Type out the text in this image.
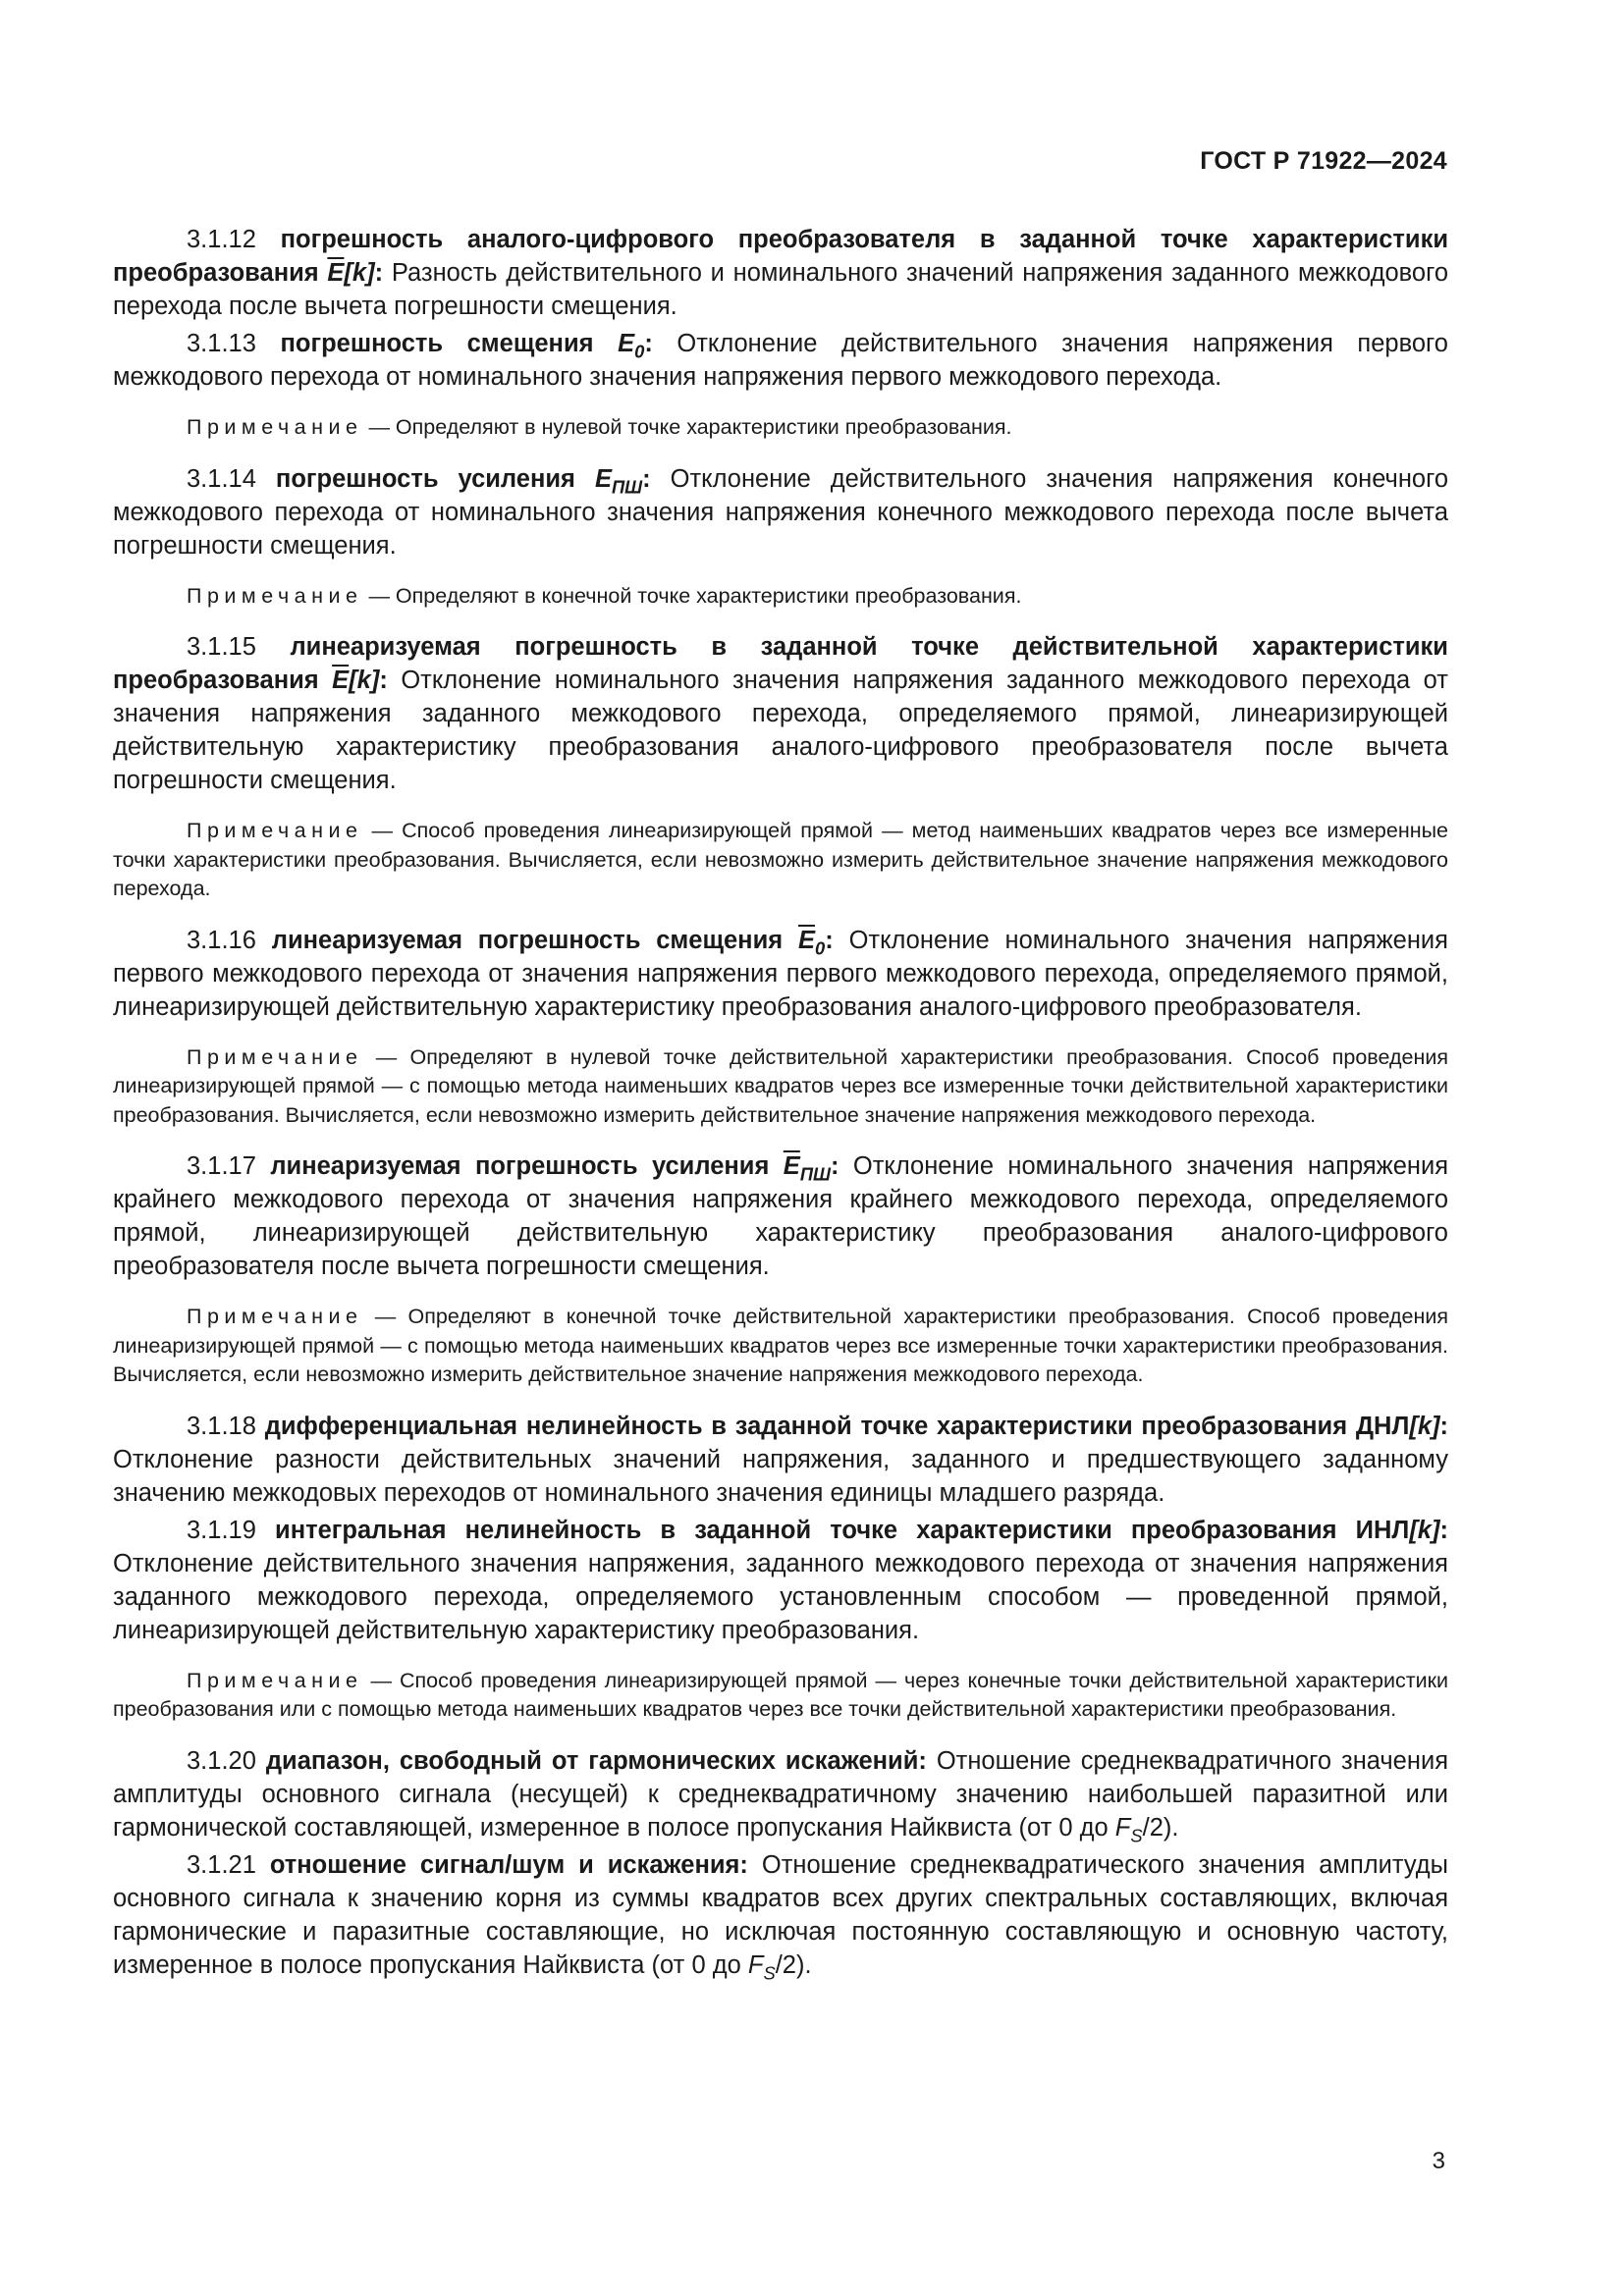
ГОСТ Р 71922—2024

3.1.12 погрешность аналого-цифрового преобразователя в заданной точке характеристики преобразования $\overline{E}[k]$: Разность действительного и номинального значений напряжения заданного межкодового перехода после вычета погрешности смещения.

3.1.13 погрешность смещения $E_0$: Отклонение действительного значения напряжения первого межкодового перехода от номинального значения напряжения первого межкодового перехода.

Примечание — Определяют в нулевой точке характеристики преобразования.

3.1.14 погрешность усиления $E_{ПШ}$: Отклонение действительного значения напряжения конечного межкодового перехода от номинального значения напряжения конечного межкодового перехода после вычета погрешности смещения.

Примечание — Определяют в конечной точке характеристики преобразования.

3.1.15 линеаризуемая погрешность в заданной точке действительной характеристики преобразования $\overline{E}[k]$: Отклонение номинального значения напряжения заданного межкодового перехода от значения напряжения заданного межкодового перехода, определяемого прямой, линеаризирующей действительную характеристику преобразования аналого-цифрового преобразователя после вычета погрешности смещения.

Примечание — Способ проведения линеаризирующей прямой — метод наименьших квадратов через все измеренные точки характеристики преобразования. Вычисляется, если невозможно измерить действительное значение напряжения межкодового перехода.

3.1.16 линеаризуемая погрешность смещения $\overline{E}_0$: Отклонение номинального значения напряжения первого межкодового перехода от значения напряжения первого межкодового перехода, определяемого прямой, линеаризирующей действительную характеристику преобразования аналого-цифрового преобразователя.

Примечание — Определяют в нулевой точке действительной характеристики преобразования. Способ проведения линеаризирующей прямой — с помощью метода наименьших квадратов через все измеренные точки действительной характеристики преобразования. Вычисляется, если невозможно измерить действительное значение напряжения межкодового перехода.

3.1.17 линеаризуемая погрешность усиления $\overline{E}_{ПШ}$: Отклонение номинального значения напряжения крайнего межкодового перехода от значения напряжения крайнего межкодового перехода, определяемого прямой, линеаризирующей действительную характеристику преобразования аналого-цифрового преобразователя после вычета погрешности смещения.

Примечание — Определяют в конечной точке действительной характеристики преобразования. Способ проведения линеаризирующей прямой — с помощью метода наименьших квадратов через все измеренные точки характеристики преобразования. Вычисляется, если невозможно измерить действительное значение напряжения межкодового перехода.

3.1.18 дифференциальная нелинейность в заданной точке характеристики преобразования ДНЛ[k]: Отклонение разности действительных значений напряжения, заданного и предшествующего заданному значению межкодовых переходов от номинального значения единицы младшего разряда.

3.1.19 интегральная нелинейность в заданной точке характеристики преобразования ИНЛ[k]: Отклонение действительного значения напряжения, заданного межкодового перехода от значения напряжения заданного межкодового перехода, определяемого установленным способом — проведенной прямой, линеаризирующей действительную характеристику преобразования.

Примечание — Способ проведения линеаризирующей прямой — через конечные точки действительной характеристики преобразования или с помощью метода наименьших квадратов через все точки действительной характеристики преобразования.

3.1.20 диапазон, свободный от гармонических искажений: Отношение среднеквадратичного значения амплитуды основного сигнала (несущей) к среднеквадратичному значению наибольшей паразитной или гармонической составляющей, измеренное в полосе пропускания Найквиста (от 0 до $F_S/2$).

3.1.21 отношение сигнал/шум и искажения: Отношение среднеквадратического значения амплитуды основного сигнала к значению корня из суммы квадратов всех других спектральных составляющих, включая гармонические и паразитные составляющие, но исключая постоянную составляющую и основную частоту, измеренное в полосе пропускания Найквиста (от 0 до $F_S/2$).

3
